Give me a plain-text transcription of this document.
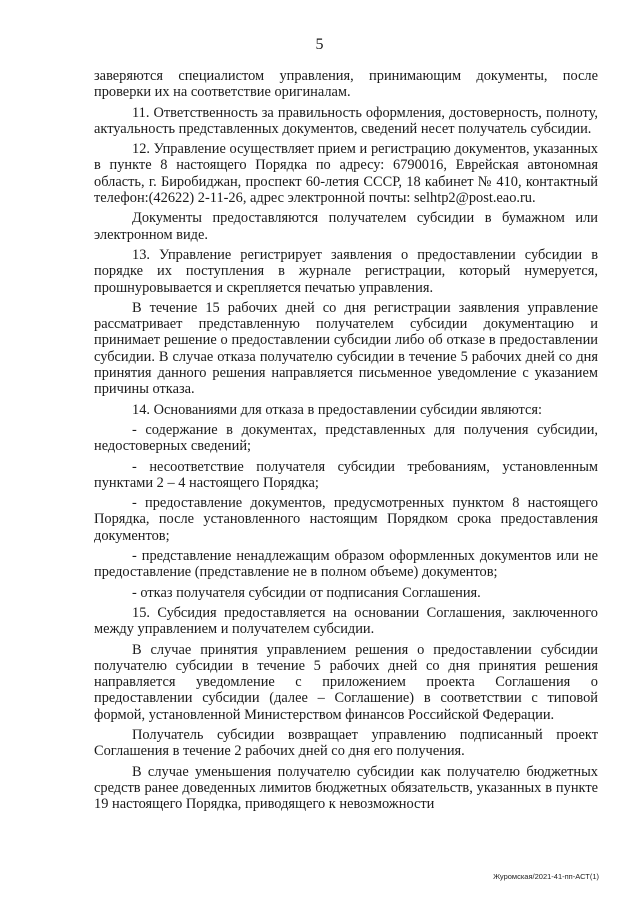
5

заверяются специалистом управления, принимающим документы, после проверки их на соответствие оригиналам.

11. Ответственность за правильность оформления, достоверность, полноту, актуальность представленных документов, сведений несет получатель субсидии.

12. Управление осуществляет прием и регистрацию документов, указанных в пункте 8 настоящего Порядка по адресу: 6790016, Еврейская автономная область, г. Биробиджан, проспект 60-летия СССР, 18 кабинет № 410, контактный телефон:(42622) 2-11-26, адрес электронной почты: selhtp2@post.eao.ru.

Документы предоставляются получателем субсидии в бумажном или электронном виде.

13. Управление регистрирует заявления о предоставлении субсидии в порядке их поступления в журнале регистрации, который нумеруется, прошнуровывается и скрепляется печатью управления.

В течение 15 рабочих дней со дня регистрации заявления управление рассматривает представленную получателем субсидии документацию и принимает решение о предоставлении субсидии либо об отказе в предоставлении субсидии. В случае отказа получателю субсидии в течение 5 рабочих дней со дня принятия данного решения направляется письменное уведомление с указанием причины отказа.

14. Основаниями для отказа в предоставлении субсидии являются:

- содержание в документах, представленных для получения субсидии, недостоверных сведений;

- несоответствие получателя субсидии требованиям, установленным пунктами 2 – 4 настоящего Порядка;

- предоставление документов, предусмотренных пунктом 8 настоящего Порядка, после установленного настоящим Порядком срока предоставления документов;

- представление ненадлежащим образом оформленных документов или не предоставление (представление не в полном объеме) документов;

- отказ получателя субсидии от подписания Соглашения.

15. Субсидия предоставляется на основании Соглашения, заключенного между управлением и получателем субсидии.

В случае принятия управлением решения о предоставлении субсидии получателю субсидии в течение 5 рабочих дней со дня принятия решения направляется уведомление с приложением проекта Соглашения о предоставлении субсидии (далее – Соглашение) в соответствии с типовой формой, установленной Министерством финансов Российской Федерации.

Получатель субсидии возвращает управлению подписанный проект Соглашения в течение 2 рабочих дней со дня его получения.

В случае уменьшения получателю субсидии как получателю бюджетных средств ранее доведенных лимитов бюджетных обязательств, указанных в пункте 19 настоящего Порядка, приводящего к невозможности

Журомская/2021-41-пп-АСТ(1)
